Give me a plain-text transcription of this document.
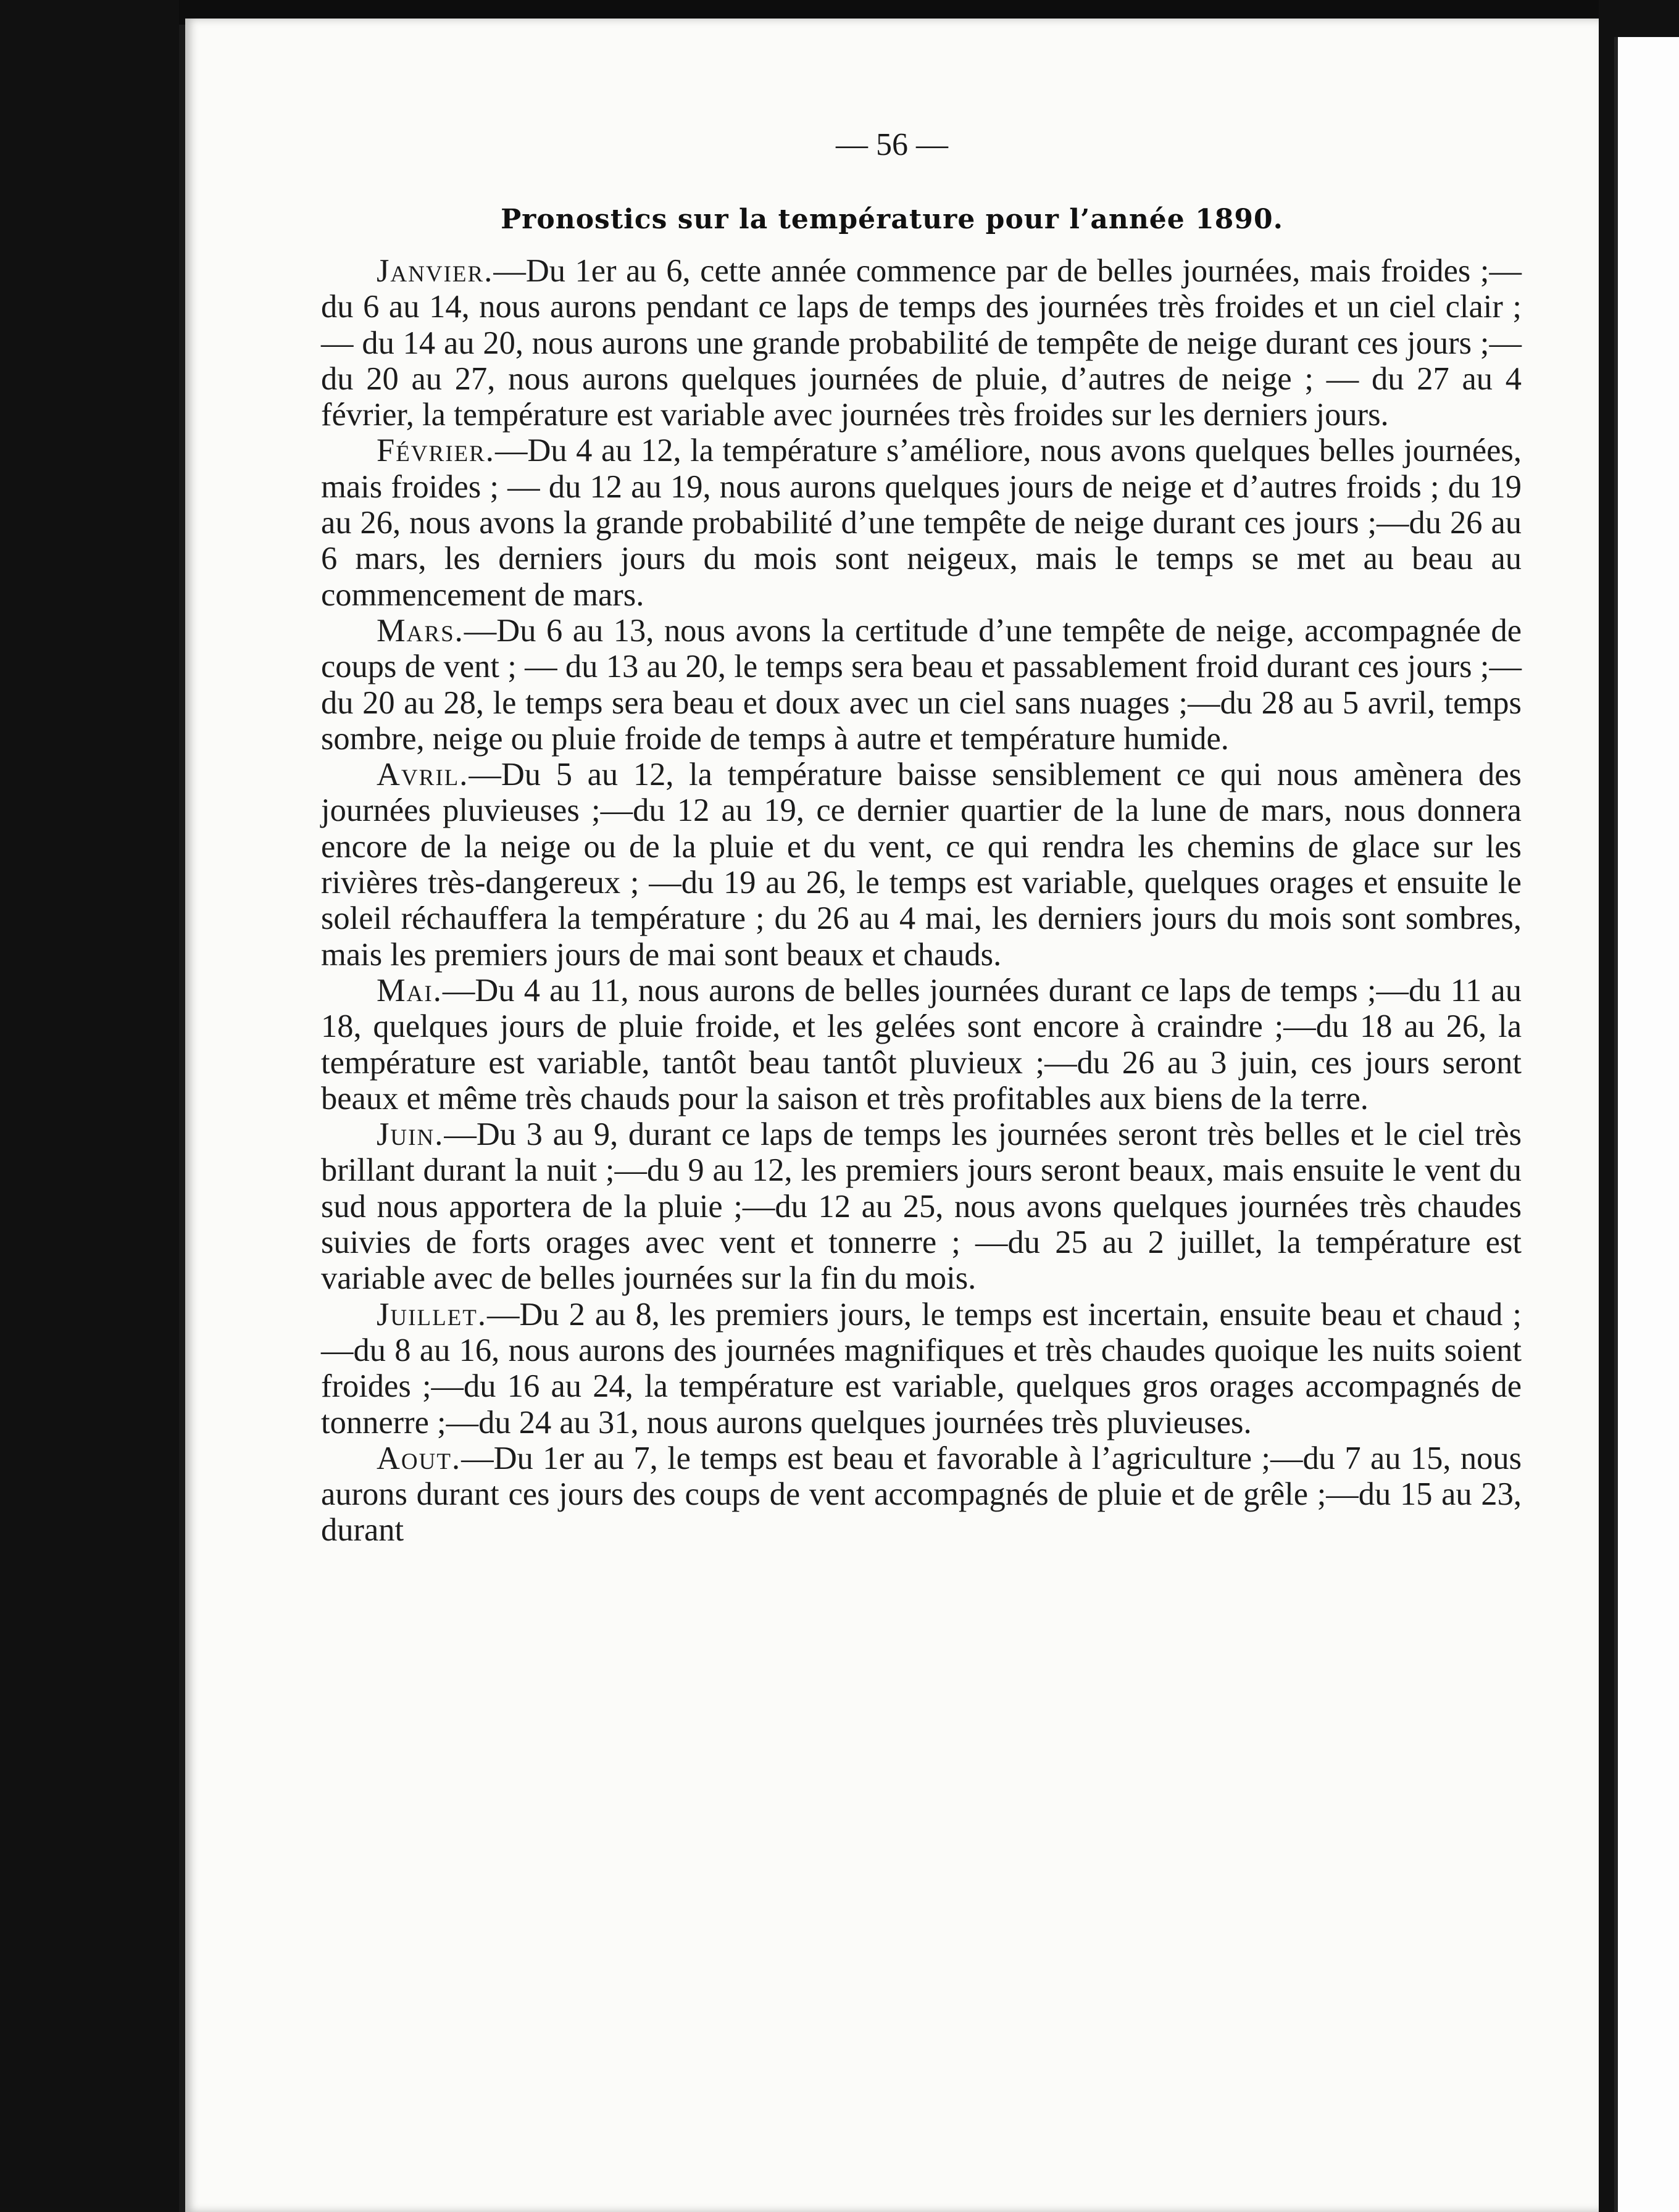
— 56 —
Pronostics sur la température pour l’année 1890.

Janvier.—Du 1er au 6, cette année commence par de belles journées, mais froides ;—du 6 au 14, nous aurons pendant ce laps de temps des journées très froides et un ciel clair ; — du 14 au 20, nous aurons une grande probabilité de tempête de neige durant ces jours ;—du 20 au 27, nous aurons quelques journées de pluie, d’autres de neige ; — du 27 au 4 février, la température est variable avec journées très froides sur les derniers jours.

Février.—Du 4 au 12, la température s’améliore, nous avons quelques belles journées, mais froides ; — du 12 au 19, nous aurons quelques jours de neige et d’autres froids ; du 19 au 26, nous avons la grande probabilité d’une tempête de neige durant ces jours ;—du 26 au 6 mars, les derniers jours du mois sont neigeux, mais le temps se met au beau au commencement de mars.

Mars.—Du 6 au 13, nous avons la certitude d’une tempête de neige, accompagnée de coups de vent ; — du 13 au 20, le temps sera beau et passablement froid durant ces jours ;—du 20 au 28, le temps sera beau et doux avec un ciel sans nuages ;—du 28 au 5 avril, temps sombre, neige ou pluie froide de temps à autre et température humide.

Avril.—Du 5 au 12, la température baisse sensiblement ce qui nous amènera des journées pluvieuses ;—du 12 au 19, ce dernier quartier de la lune de mars, nous donnera encore de la neige ou de la pluie et du vent, ce qui rendra les chemins de glace sur les rivières très-dangereux ; —du 19 au 26, le temps est variable, quelques orages et ensuite le soleil réchauffera la température ; du 26 au 4 mai, les derniers jours du mois sont sombres, mais les premiers jours de mai sont beaux et chauds.

Mai.—Du 4 au 11, nous aurons de belles journées durant ce laps de temps ;—du 11 au 18, quelques jours de pluie froide, et les gelées sont encore à craindre ;—du 18 au 26, la température est variable, tantôt beau tantôt pluvieux ;—du 26 au 3 juin, ces jours seront beaux et même très chauds pour la saison et très profitables aux biens de la terre.

Juin.—Du 3 au 9, durant ce laps de temps les journées seront très belles et le ciel très brillant durant la nuit ;—du 9 au 12, les premiers jours seront beaux, mais ensuite le vent du sud nous apportera de la pluie ;—du 12 au 25, nous avons quelques journées très chaudes suivies de forts orages avec vent et tonnerre ; —du 25 au 2 juillet, la température est variable avec de belles journées sur la fin du mois.

Juillet.—Du 2 au 8, les premiers jours, le temps est incertain, ensuite beau et chaud ;—du 8 au 16, nous aurons des journées magnifiques et très chaudes quoique les nuits soient froides ;—du 16 au 24, la température est variable, quelques gros orages accompagnés de tonnerre ;—du 24 au 31, nous aurons quelques journées très pluvieuses.

Aout.—Du 1er au 7, le temps est beau et favorable à l’agriculture ;—du 7 au 15, nous aurons durant ces jours des coups de vent accompagnés de pluie et de grêle ;—du 15 au 23, durant
